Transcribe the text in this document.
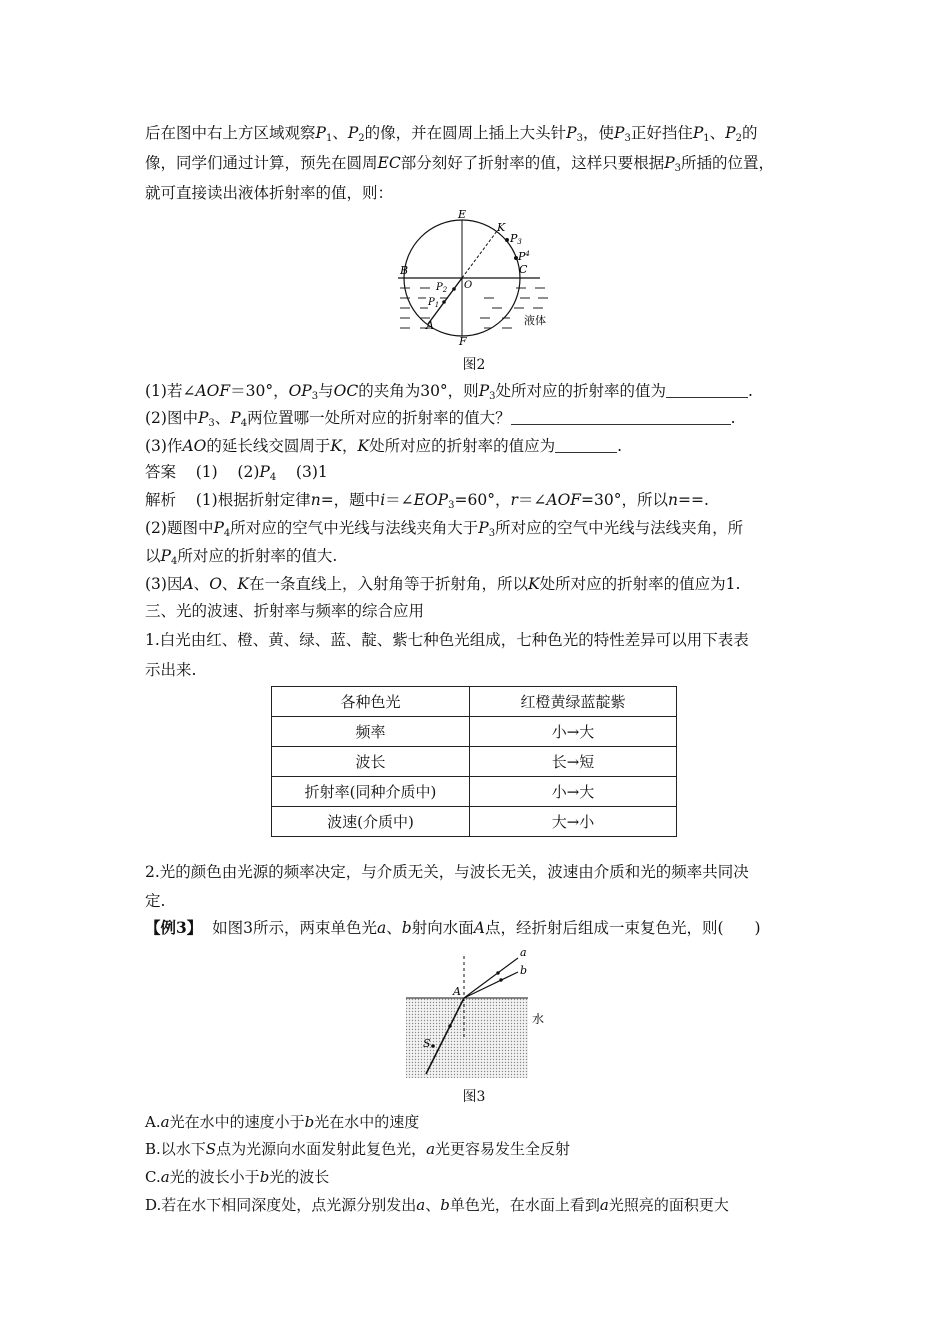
后在图中右上方区域观察$P_1$、$P_2$的像，并在圆周上插上大头针$P_3$，使$P_3$正好挡住$P_1$、$P_2$的
像，同学们通过计算，预先在圆周EC部分刻好了折射率的值，这样只要根据$P_3$所插的位置，
就可直接读出液体折射率的值，则：
E
K
P3
$P^4$
C
B
O
$P_2$
$P_1$
A
F
液体
图2
(1)若∠AOF＝30°，$OP_3$与OC的夹角为30°，则$P_3$处所对应的折射率的值为	.
(2)图中$P_3$、$P_4$两位置哪一处所对应的折射率的值大？	.
(3)作AO的延长线交圆周于K，K处所对应的折射率的值应为	.
答案 (1) $(2)P_4$ (3)1
解析 (1)根据折射定律n=，题中$i=\angle EOP_3=60^\circ$，r＝∠AOF=30°，所以n==.
(2)题图中$P_4$所对应的空气中光线与法线夹角大于$P_3$所对应的空气中光线与法线夹角，所
以$P_4$所对应的折射率的值大.
(3)因A、O、K在一条直线上，入射角等于折射角，所以K处所对应的折射率的值应为1.
三、光的波速、折射率与频率的综合应用
1.白光由红、橙、黄、绿、蓝、靛、紫七种色光组成，七种色光的特性差异可以用下表表
示出来.
各种色光	红橙黄绿蓝靛紫
频率	小→大
波长	长→短
折射率(同种介质中)	小→大
波速(介质中)	大→小
2.光的颜色由光源的频率决定，与介质无关，与波长无关，波速由介质和光的频率共同决
定.
【例3】 如图3所示，两束单色光a、b射向水面A点，经折射后组成一束复色光，则(　　)
a
b
A
S
水
图3
A.a光在水中的速度小于b光在水中的速度
B.以水下S点为光源向水面发射此复色光，a光更容易发生全反射
C.a光的波长小于b光的波长
D.若在水下相同深度处，点光源分别发出a、b单色光，在水面上看到a光照亮的面积更大
